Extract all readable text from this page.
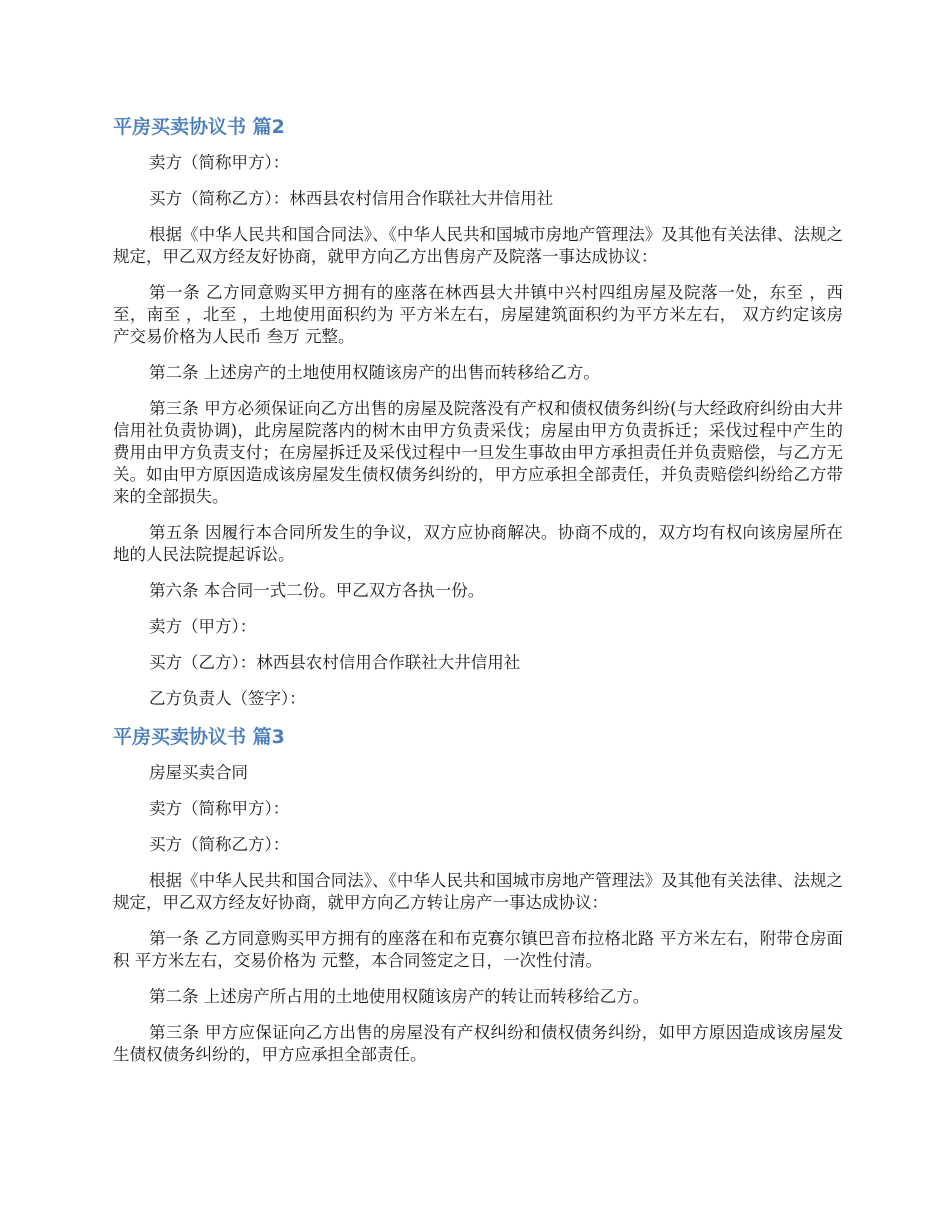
平房买卖协议书 篇2

卖方（简称甲方）：

买方（简称乙方）：林西县农村信用合作联社大井信用社

根据《中华人民共和国合同法》、《中华人民共和国城市房地产管理法》及其他有关法律、法规之规定，甲乙双方经友好协商，就甲方向乙方出售房产及院落一事达成协议：

第一条 乙方同意购买甲方拥有的座落在林西县大井镇中兴村四组房屋及院落一处，东至 ，西至，南至 ，北至 ，土地使用面积约为 平方米左右，房屋建筑面积约为平方米左右， 双方约定该房产交易价格为人民币 叁万 元整。

第二条 上述房产的土地使用权随该房产的出售而转移给乙方。

第三条 甲方必须保证向乙方出售的房屋及院落没有产权和债权债务纠纷(与大经政府纠纷由大井信用社负责协调)，此房屋院落内的树木由甲方负责采伐；房屋由甲方负责拆迁；采伐过程中产生的费用由甲方负责支付；在房屋拆迁及采伐过程中一旦发生事故由甲方承担责任并负责赔偿，与乙方无关。如由甲方原因造成该房屋发生债权债务纠纷的，甲方应承担全部责任，并负责赔偿纠纷给乙方带来的全部损失。

第五条 因履行本合同所发生的争议，双方应协商解决。协商不成的，双方均有权向该房屋所在地的人民法院提起诉讼。

第六条 本合同一式二份。甲乙双方各执一份。

卖方（甲方）：

买方（乙方）：林西县农村信用合作联社大井信用社

乙方负责人（签字）：

平房买卖协议书 篇3

房屋买卖合同

卖方（简称甲方）：

买方（简称乙方）：

根据《中华人民共和国合同法》、《中华人民共和国城市房地产管理法》及其他有关法律、法规之规定，甲乙双方经友好协商，就甲方向乙方转让房产一事达成协议：

第一条 乙方同意购买甲方拥有的座落在和布克赛尔镇巴音布拉格北路 平方米左右，附带仓房面积 平方米左右，交易价格为 元整，本合同签定之日，一次性付清。

第二条 上述房产所占用的土地使用权随该房产的转让而转移给乙方。

第三条 甲方应保证向乙方出售的房屋没有产权纠纷和债权债务纠纷，如甲方原因造成该房屋发生债权债务纠纷的，甲方应承担全部责任。
